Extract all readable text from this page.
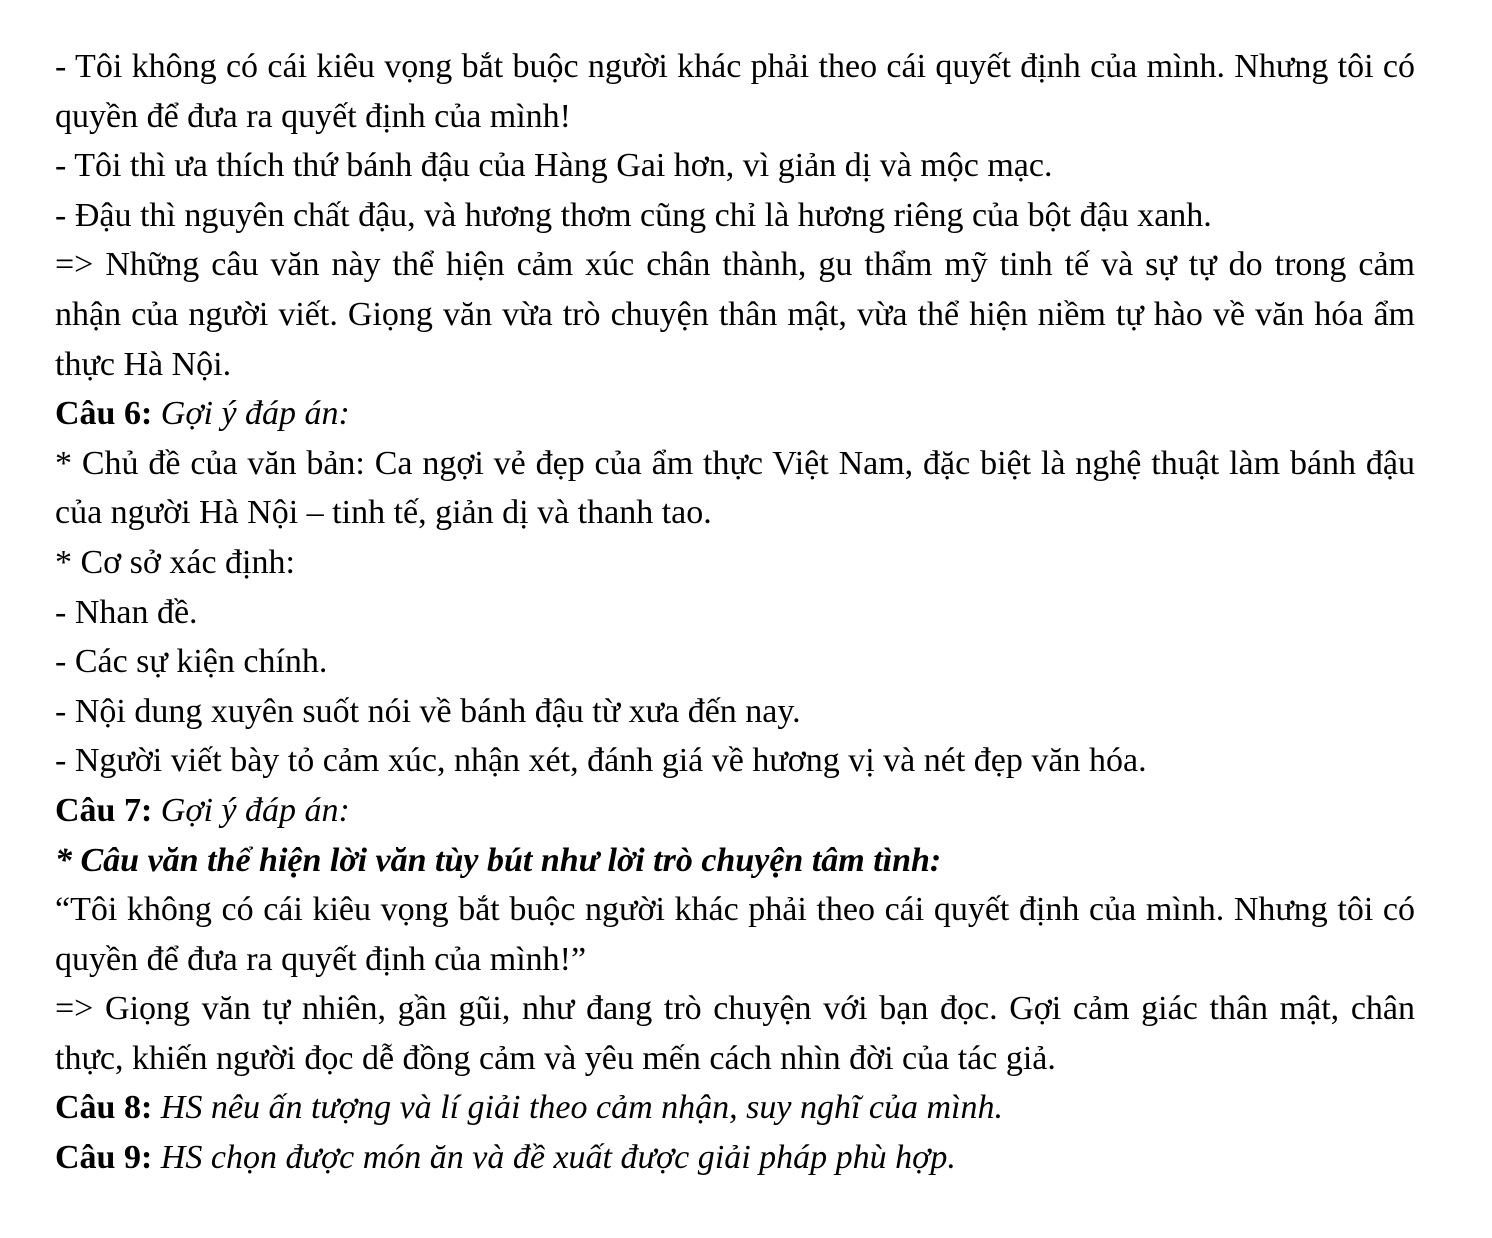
- Tôi không có cái kiêu vọng bắt buộc người khác phải theo cái quyết định của mình. Nhưng tôi có quyền để đưa ra quyết định của mình!

- Tôi thì ưa thích thứ bánh đậu của Hàng Gai hơn, vì giản dị và mộc mạc.

- Đậu thì nguyên chất đậu, và hương thơm cũng chỉ là hương riêng của bột đậu xanh.

=> Những câu văn này thể hiện cảm xúc chân thành, gu thẩm mỹ tinh tế và sự tự do trong cảm nhận của người viết. Giọng văn vừa trò chuyện thân mật, vừa thể hiện niềm tự hào về văn hóa ẩm thực Hà Nội.

Câu 6: Gợi ý đáp án:

* Chủ đề của văn bản: Ca ngợi vẻ đẹp của ẩm thực Việt Nam, đặc biệt là nghệ thuật làm bánh đậu của người Hà Nội – tinh tế, giản dị và thanh tao.

* Cơ sở xác định:

- Nhan đề.

- Các sự kiện chính.

- Nội dung xuyên suốt nói về bánh đậu từ xưa đến nay.

- Người viết bày tỏ cảm xúc, nhận xét, đánh giá về hương vị và nét đẹp văn hóa.

Câu 7: Gợi ý đáp án:

* Câu văn thể hiện lời văn tùy bút như lời trò chuyện tâm tình:

“Tôi không có cái kiêu vọng bắt buộc người khác phải theo cái quyết định của mình. Nhưng tôi có quyền để đưa ra quyết định của mình!”

=> Giọng văn tự nhiên, gần gũi, như đang trò chuyện với bạn đọc. Gợi cảm giác thân mật, chân thực, khiến người đọc dễ đồng cảm và yêu mến cách nhìn đời của tác giả.

Câu 8: HS nêu ấn tượng và lí giải theo cảm nhận, suy nghĩ của mình.

Câu 9: HS chọn được món ăn và đề xuất được giải pháp phù hợp.
